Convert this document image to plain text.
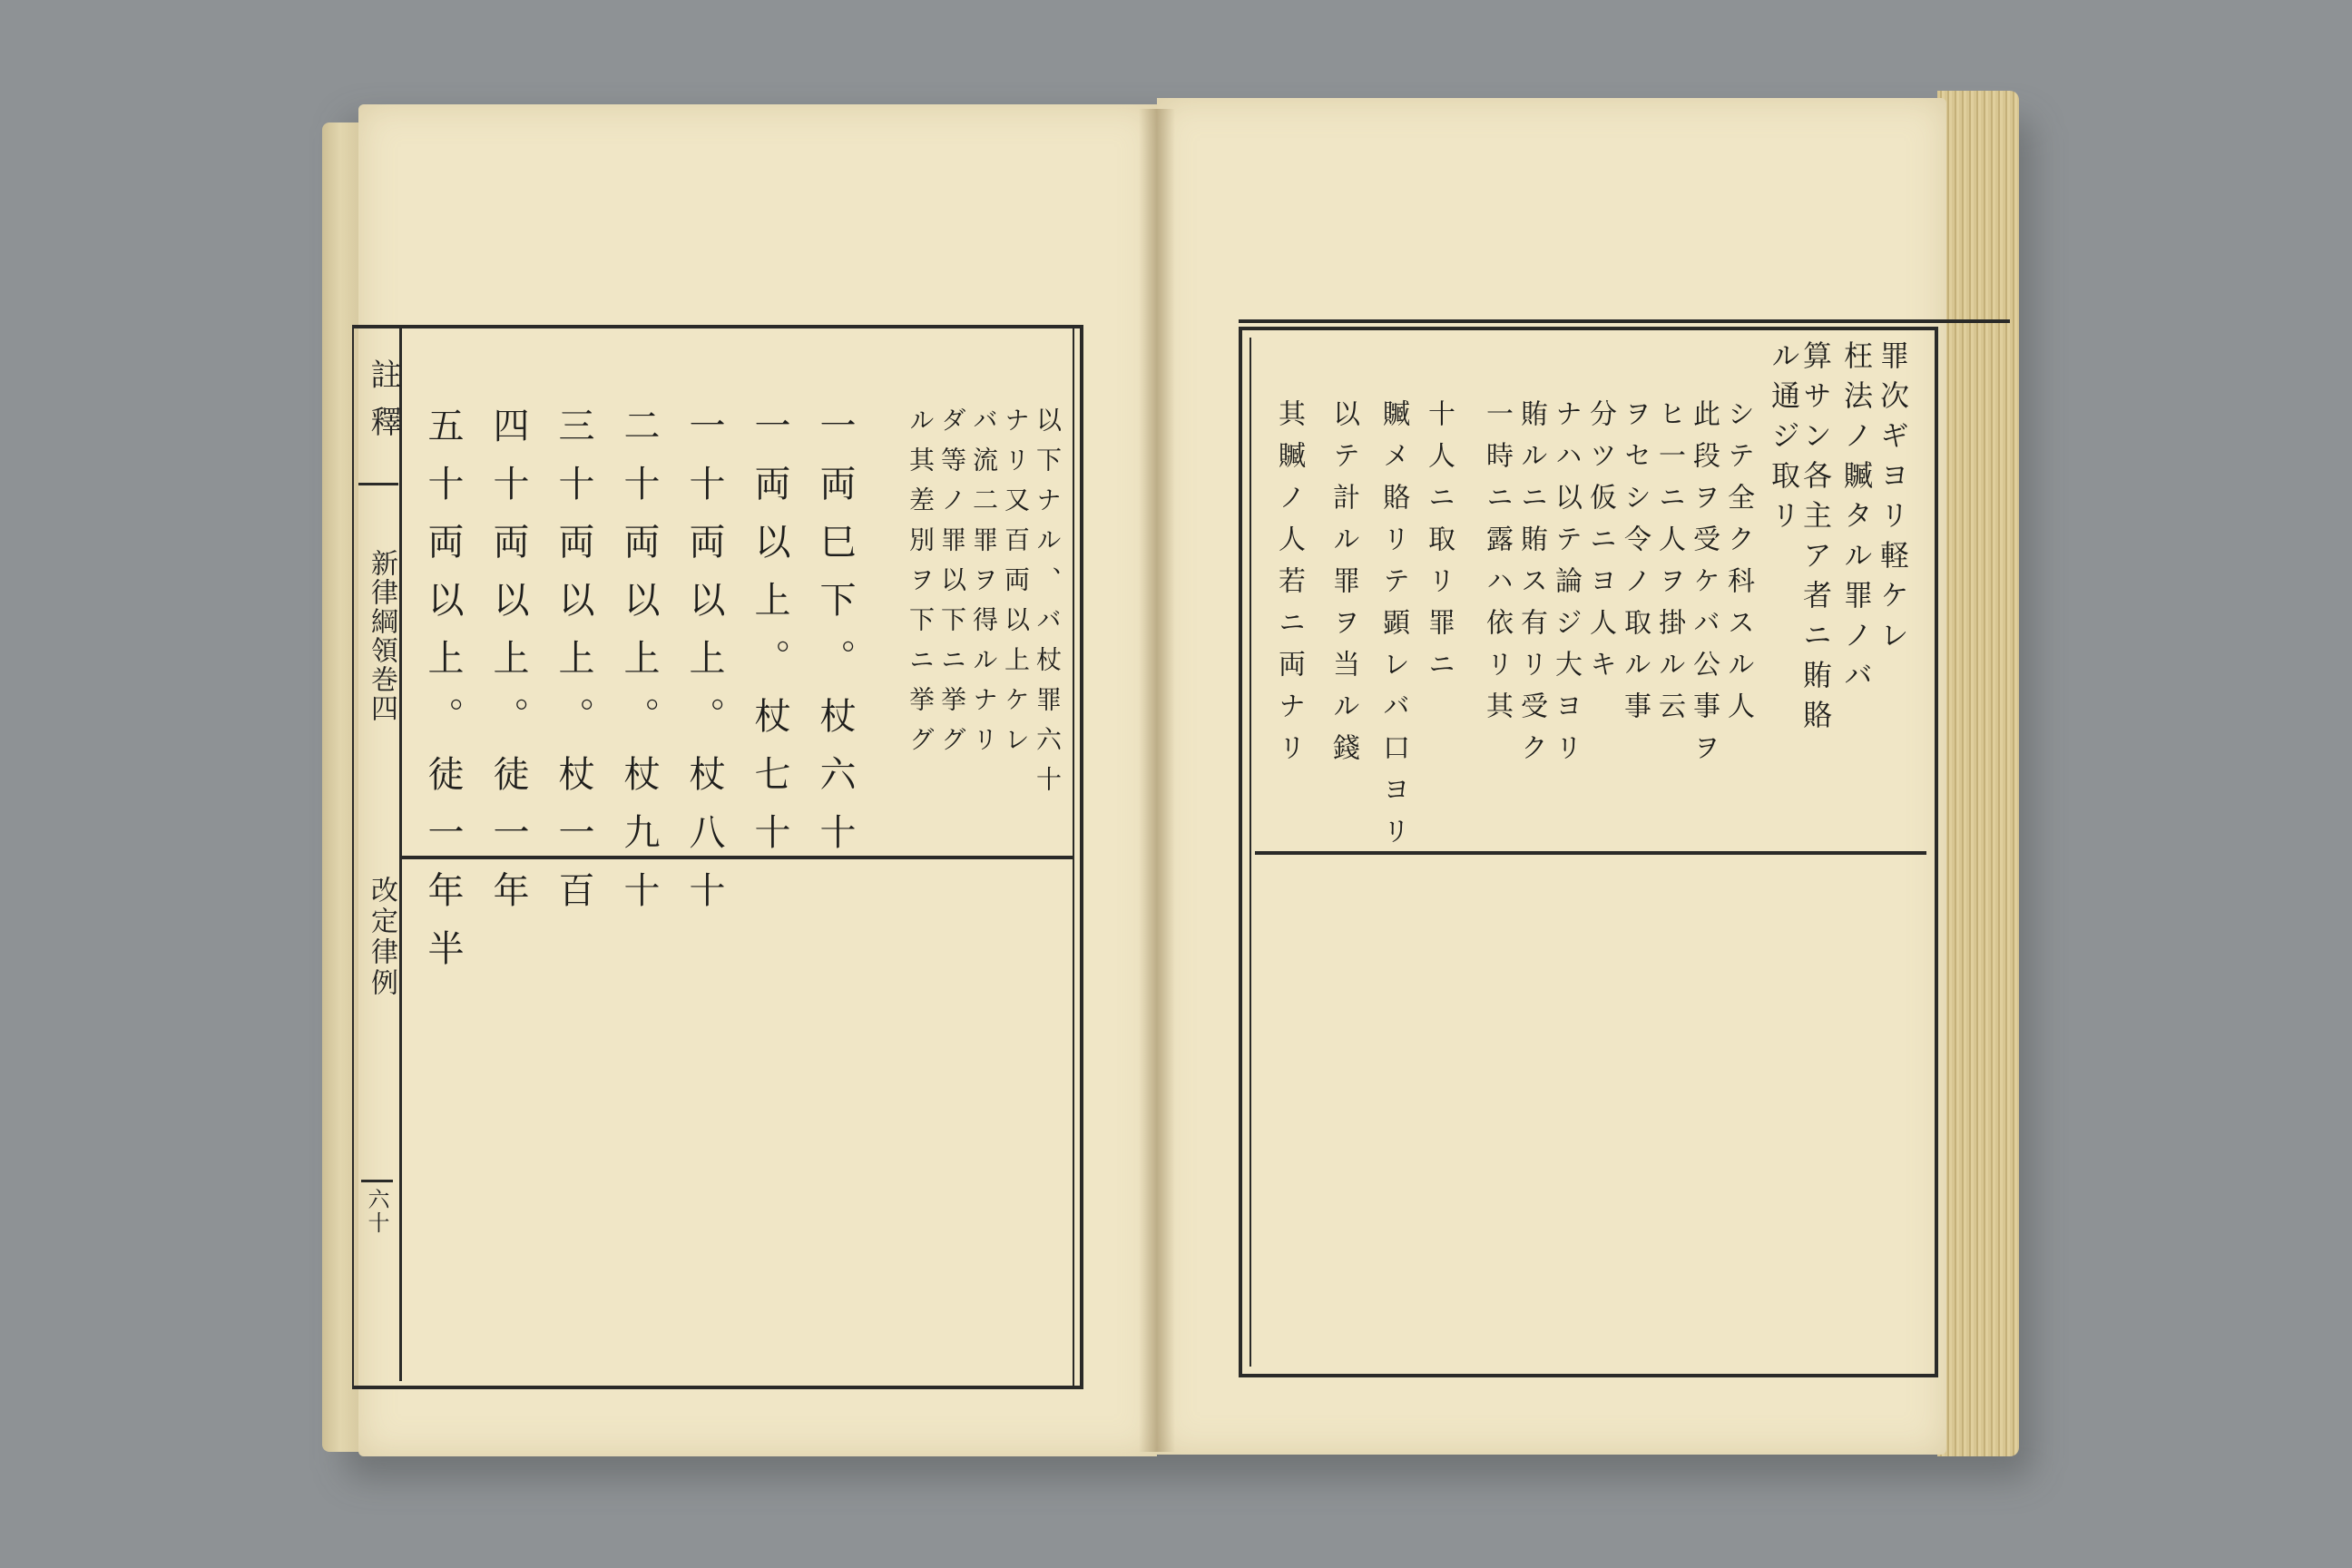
註釋
新律綱領巻四
改定律例
六十
以下ナル、バ杖罪六十
ナリ又百両以上ケレ
バ流二罪ヲ得ルナリ
ダ等ノ罪以下ニ挙グ
ル其差別ヲ下ニ挙グ
一両巳下。杖六十
一両以上。杖七十
一十両以上。杖八十
二十両以上。杖九十
三十両以上。杖一百
四十両以上。徒一年
五十両以上。徒一年半	罪次ギヨリ軽ケレ
枉法ノ贓タル罪ノバ
算サン各主ア者ニ賄賂
ル通ジ取リ
シテ全ク科スル人
此段ヲ受ケバ公事ヲ
ヒ一ニ人ヲ掛ル云
ヲセシ令ノ取ル事
分ツ仮ニヨ人キ
ナハ以テ論ジ大ヨリ
賄ルニ賄ス有リ受ク
一時ニ露ハ依リ其
十人ニ取リ罪ニ
贓メ賂リテ顕レバ口ヨリ
以テ計ル罪ヲ当ル錢
其贓ノ人若ニ両ナリ
